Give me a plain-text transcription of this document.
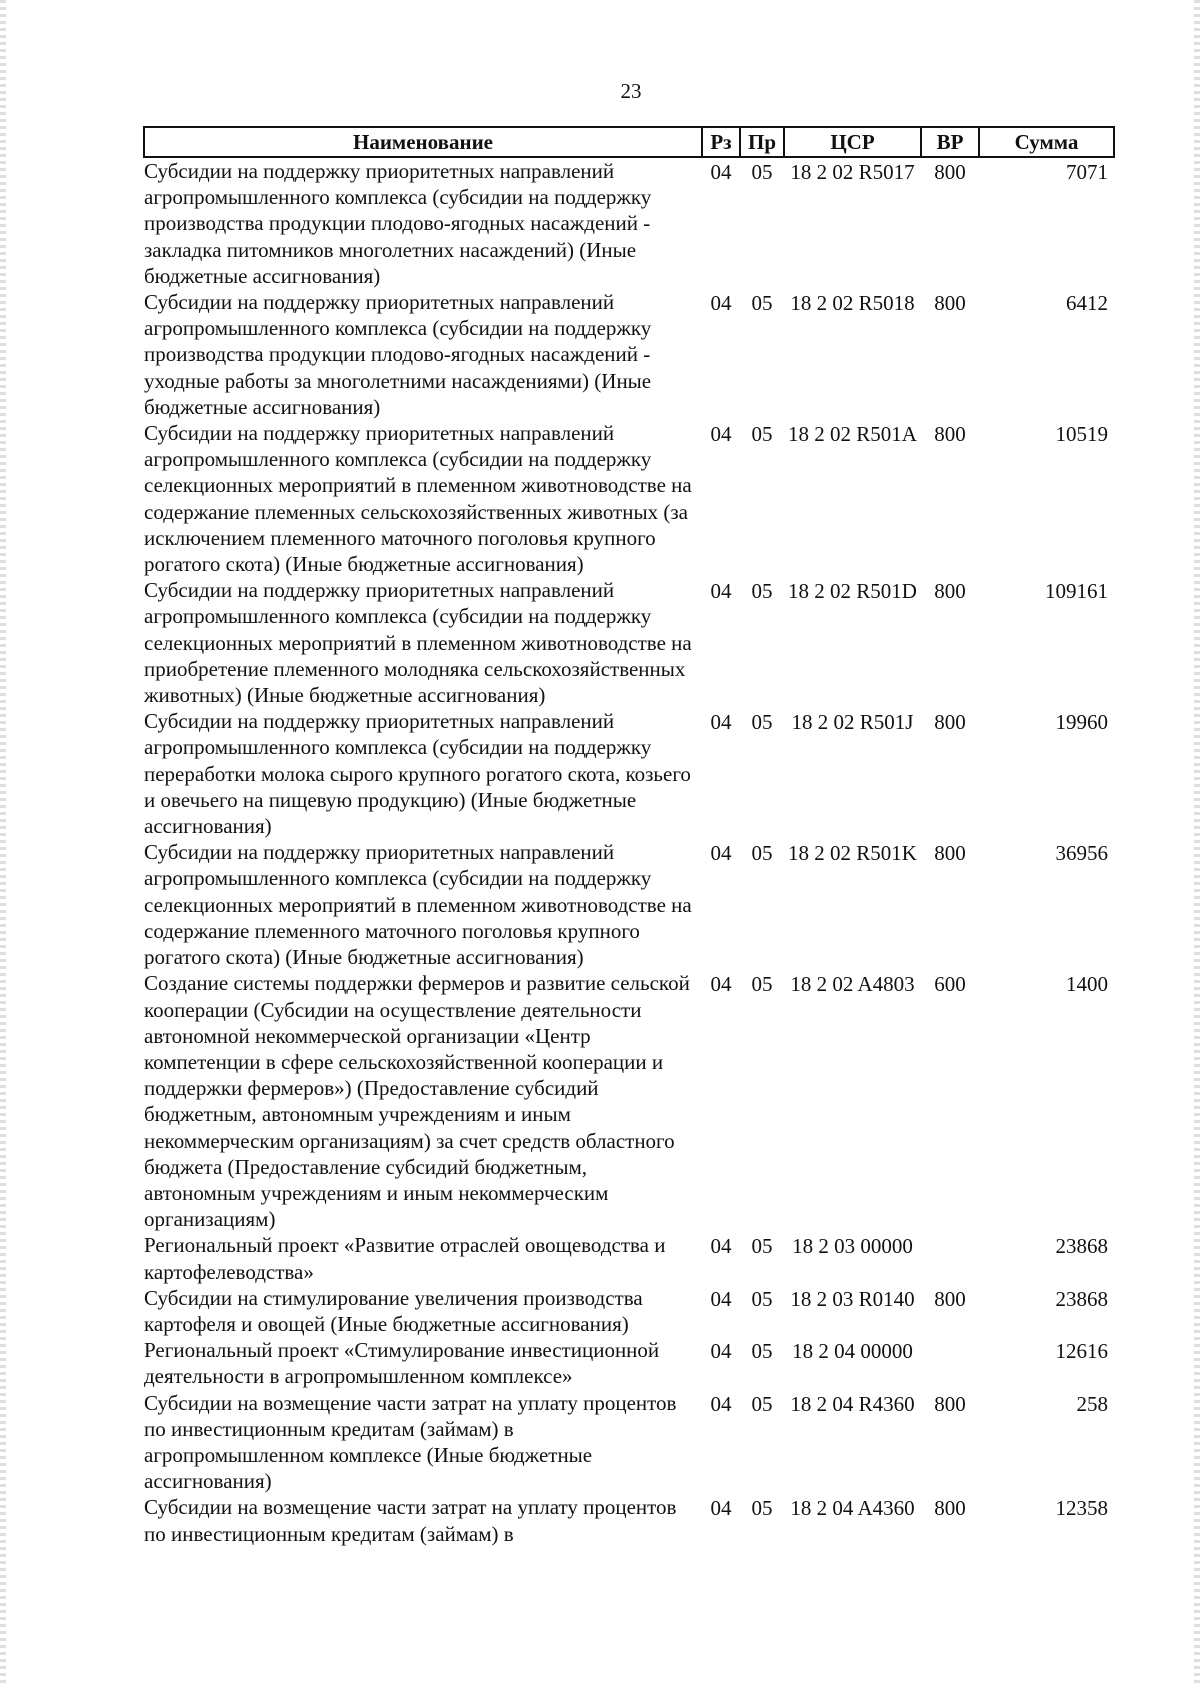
23
Наименование	Рз	Пр	ЦСР	ВР	Сумма
Субсидии на поддержку приоритетных направлений агропромышленного комплекса (субсидии на поддержку производства продукции плодово-ягодных насаждений - закладка питомников многолетних насаждений) (Иные бюджетные ассигнования)	04	05	18 2 02 R5017	800	7071
Субсидии на поддержку приоритетных направлений агропромышленного комплекса (субсидии на поддержку производства продукции плодово-ягодных насаждений - уходные работы за многолетними насаждениями) (Иные бюджетные ассигнования)	04	05	18 2 02 R5018	800	6412
Субсидии на поддержку приоритетных направлений агропромышленного комплекса (субсидии на поддержку селекционных мероприятий в племенном животноводстве на содержание племенных сельскохозяйственных животных (за исключением племенного маточного поголовья крупного рогатого скота) (Иные бюджетные ассигнования)	04	05	18 2 02 R501A	800	10519
Субсидии на поддержку приоритетных направлений агропромышленного комплекса (субсидии на поддержку селекционных мероприятий в племенном животноводстве на приобретение племенного молодняка сельскохозяйственных животных) (Иные бюджетные ассигнования)	04	05	18 2 02 R501D	800	109161
Субсидии на поддержку приоритетных направлений агропромышленного комплекса (субсидии на поддержку переработки молока сырого крупного рогатого скота, козьего и овечьего на пищевую продукцию) (Иные бюджетные ассигнования)	04	05	18 2 02 R501J	800	19960
Субсидии на поддержку приоритетных направлений агропромышленного комплекса (субсидии на поддержку селекционных мероприятий в племенном животноводстве на содержание племенного маточного поголовья крупного рогатого скота) (Иные бюджетные ассигнования)	04	05	18 2 02 R501K	800	36956
Создание системы поддержки фермеров и развитие сельской кооперации (Субсидии на осуществление деятельности автономной некоммерческой организации «Центр компетенции в сфере сельскохозяйственной кооперации и поддержки фермеров») (Предоставление субсидий бюджетным, автономным учреждениям и иным некоммерческим организациям) за счет средств областного бюджета (Предоставление субсидий бюджетным, автономным учреждениям и иным некоммерческим организациям)	04	05	18 2 02 A4803	600	1400
Региональный проект «Развитие отраслей овощеводства и картофелеводства»	04	05	18 2 03 00000		23868
Субсидии на стимулирование увеличения производства картофеля и овощей (Иные бюджетные ассигнования)	04	05	18 2 03 R0140	800	23868
Региональный проект «Стимулирование инвестиционной деятельности в агропромышленном комплексе»	04	05	18 2 04 00000		12616
Субсидии на возмещение части затрат на уплату процентов по инвестиционным кредитам (займам) в агропромышленном комплексе (Иные бюджетные ассигнования)	04	05	18 2 04 R4360	800	258
Субсидии на возмещение части затрат на уплату процентов по инвестиционным кредитам (займам) в	04	05	18 2 04 A4360	800	12358
